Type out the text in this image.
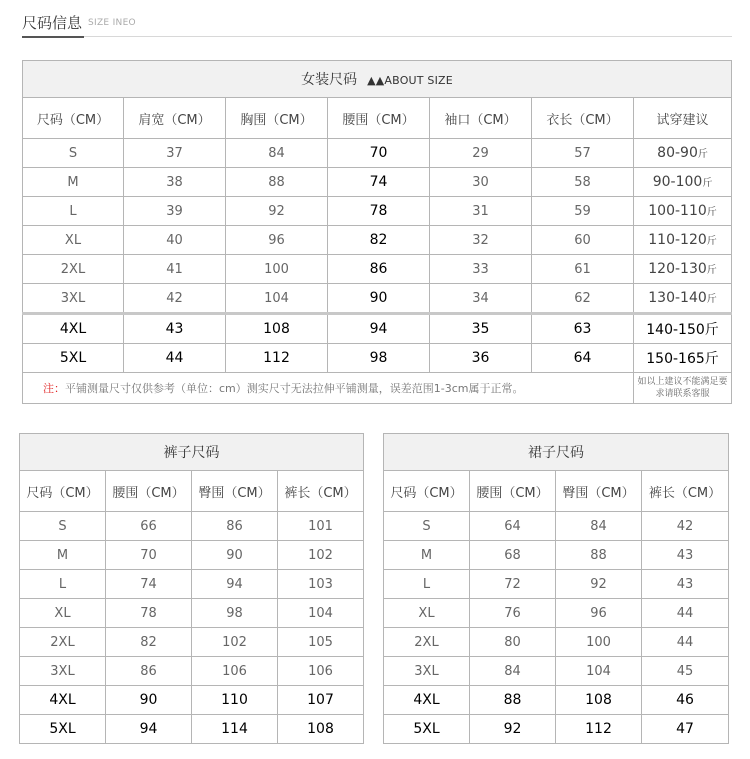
尺码信息 SIZE INEO
女装尺码 ▲▲ABOUT SIZE						
尺码（CM）	肩宽（CM）	胸围（CM）	腰围（CM）	袖口（CM）	衣长（CM）	试穿建议
S	37	84	70	29	57	80-90斤
M	38	88	74	30	58	90-100斤
L	39	92	78	31	59	100-110斤
XL	40	96	82	32	60	110-120斤
2XL	41	100	86	33	61	120-130斤
3XL	42	104	90	34	62	130-140斤
4XL	43	108	94	35	63	140-150斤
5XL	44	112	98	36	64	150-165斤
注：平铺测量尺寸仅供参考（单位：cm）测实尺寸无法拉伸平铺测量，误差范围1-3cm属于正常。						如以上建议不能满足要求请联系客服
裤子尺码			
尺码（CM）	腰围（CM）	臀围（CM）	裤长（CM）
S	66	86	101
M	70	90	102
L	74	94	103
XL	78	98	104
2XL	82	102	105
3XL	86	106	106
4XL	90	110	107
5XL	94	114	108
裙子尺码			
尺码（CM）	腰围（CM）	臀围（CM）	裤长（CM）
S	64	84	42
M	68	88	43
L	72	92	43
XL	76	96	44
2XL	80	100	44
3XL	84	104	45
4XL	88	108	46
5XL	92	112	47
